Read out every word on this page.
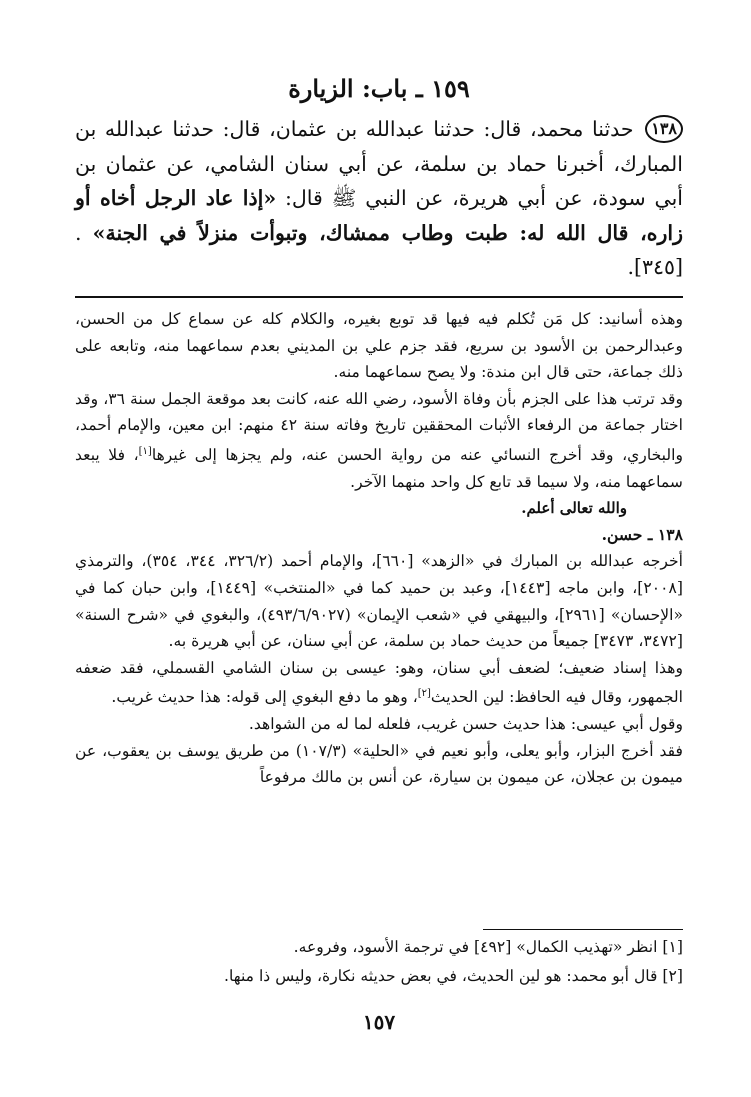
١٥٩ ـ باب: الزيارة
١٣٨ حدثنا محمد، قال: حدثنا عبدالله بن عثمان، قال: حدثنا عبدالله بن المبارك، أخبرنا حماد بن سلمة، عن أبي سنان الشامي، عن عثمان بن أبي سودة، عن أبي هريرة، عن النبي ﷺ قال: «إذا عاد الرجل أخاه أو زاره، قال الله له: طبت وطاب ممشاك، وتبوأت منزلاً في الجنة» . [٣٤٥].

وهذه أسانيد: كل مَن تُكلم فيه فيها قد توبع بغيره، والكلام كله عن سماع كل من الحسن، وعبدالرحمن بن الأسود بن سريع، فقد جزم علي بن المديني بعدم سماعهما منه، وتابعه على ذلك جماعة، حتى قال ابن مندة: ولا يصح سماعهما منه.

وقد ترتب هذا على الجزم بأن وفاة الأسود، رضي الله عنه، كانت بعد موقعة الجمل سنة ٣٦، وقد اختار جماعة من الرفعاء الأثبات المحققين تاريخ وفاته سنة ٤٢ منهم: ابن معين، والإمام أحمد، والبخاري، وقد أخرج النسائي عنه من رواية الحسن عنه، ولم يجزها إلى غيرها[١]، فلا يبعد سماعهما منه، ولا سيما قد تابع كل واحد منهما الآخر.

والله تعالى أعلم.

١٣٨ ـ حسن.

أخرجه عبدالله بن المبارك في «الزهد» [٦٦٠]، والإمام أحمد (٣٢٦/٢، ٣٤٤، ٣٥٤)، والترمذي [٢٠٠٨]، وابن ماجه [١٤٤٣]، وعبد بن حميد كما في «المنتخب» [١٤٤٩]، وابن حبان كما في «الإحسان» [٢٩٦١]، والبيهقي في «شعب الإيمان» (٤٩٣/٦/٩٠٢٧)، والبغوي في «شرح السنة» [٣٤٧٢، ٣٤٧٣] جميعاً من حديث حماد بن سلمة، عن أبي سنان، عن أبي هريرة به.

وهذا إسناد ضعيف؛ لضعف أبي سنان، وهو: عيسى بن سنان الشامي القسملي، فقد ضعفه الجمهور، وقال فيه الحافظ: لين الحديث[٢]، وهو ما دفع البغوي إلى قوله: هذا حديث غريب.

وقول أبي عيسى: هذا حديث حسن غريب، فلعله لما له من الشواهد.

فقد أخرج البزار، وأبو يعلى، وأبو نعيم في «الحلية» (١٠٧/٣) من طريق يوسف بن يعقوب، عن ميمون بن عجلان، عن ميمون بن سيارة، عن أنس بن مالك مرفوعاً

[١] انظر «تهذيب الكمال» [٤٩٢] في ترجمة الأسود، وفروعه.

[٢] قال أبو محمد: هو لين الحديث، في بعض حديثه نكارة، وليس ذا منها.

١٥٧
